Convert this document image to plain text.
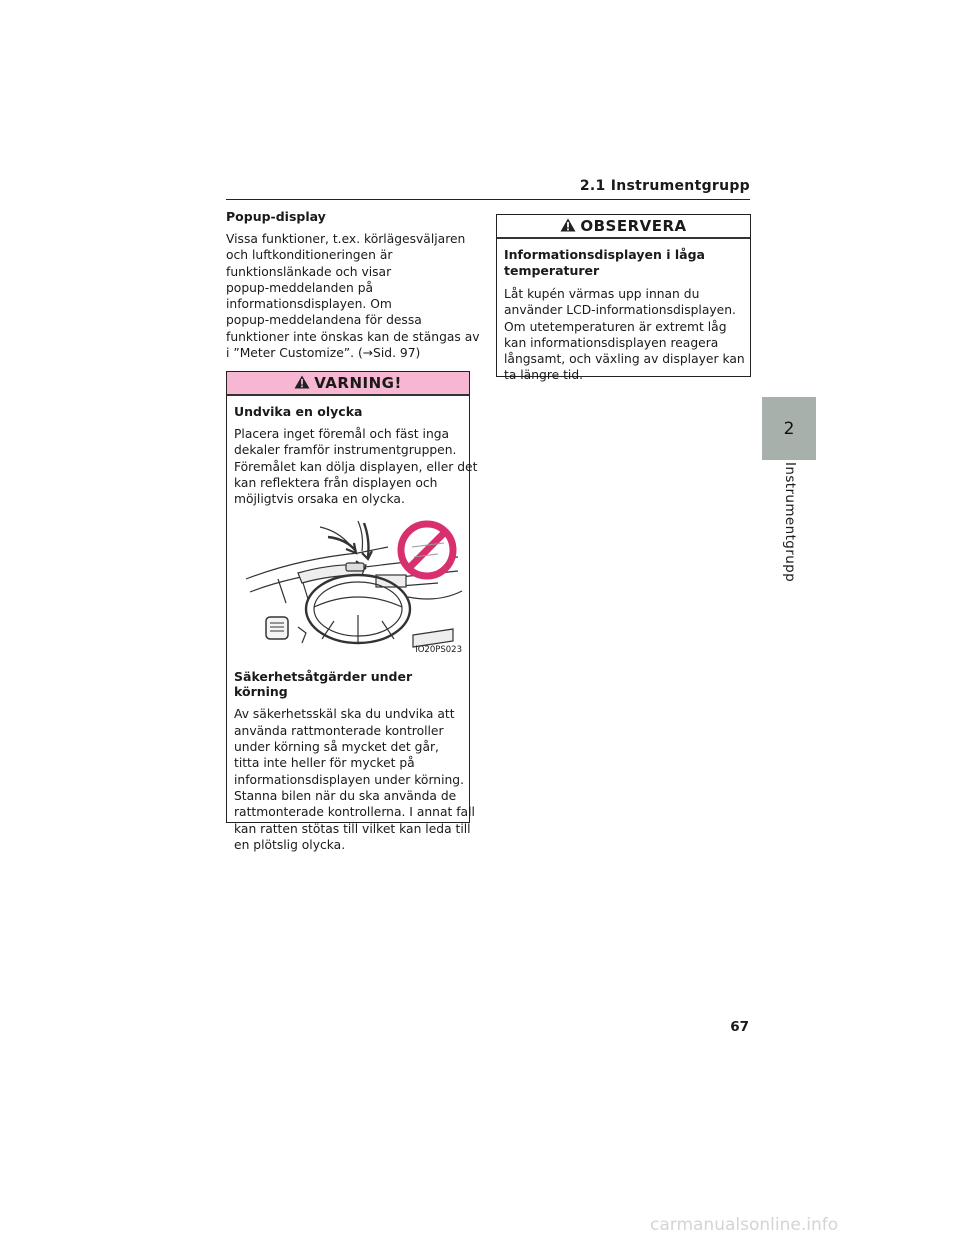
2.1 Instrumentgrupp
Popup-display

Vissa funktioner, t.ex. körlägesväljaren
och luftkonditioneringen är
funktionslänkade och visar
popup-meddelanden på
informationsdisplayen. Om
popup-meddelandena för dessa
funktioner inte önskas kan de stängas av
i ”Meter Customize”. (→Sid. 97)

VARNING!
Undvika en olycka

Placera inget föremål och fäst inga
dekaler framför instrumentgruppen.
Föremålet kan dölja displayen, eller det
kan reflektera från displayen och
möjligtvis orsaka en olycka.

IO20PS023
Säkerhetsåtgärder under körning

Av säkerhetsskäl ska du undvika att
använda rattmonterade kontroller
under körning så mycket det går,
titta inte heller för mycket på
informationsdisplayen under körning.
Stanna bilen när du ska använda de
rattmonterade kontrollerna. I annat fall
kan ratten stötas till vilket kan leda till
en plötslig olycka.

OBSERVERA
Informationsdisplayen i låga
temperaturer

Låt kupén värmas upp innan du
använder LCD-informationsdisplayen.
Om utetemperaturen är extremt låg
kan informationsdisplayen reagera
långsamt, och växling av displayer kan
ta längre tid.

2
Instrumentgrupp
67
carmanualsonline.info
